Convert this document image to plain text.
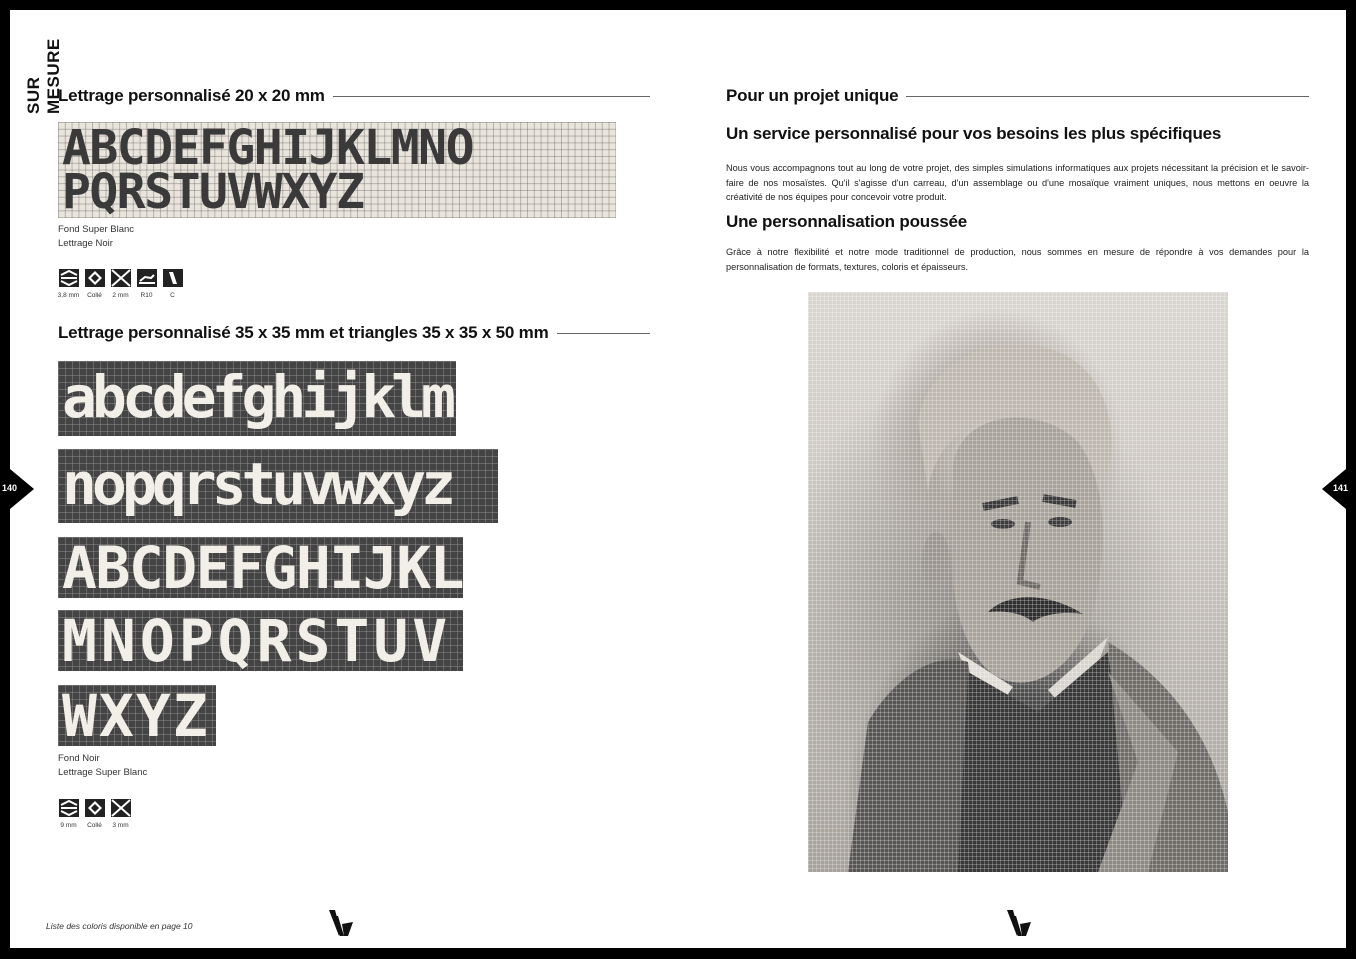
SUR MESURE
Lettrage personnalisé 20 x 20 mm
ABCDEFGHIJKLMNO
PQRSTUVWXYZ
Fond Super Blanc
Lettrage Noir
3,8 mm Collé 2 mm R10	C
Lettrage personnalisé 35 x 35 mm et triangles 35 x 35 x 50 mm
abcdefghijklm
nopqrstuvwxyz
ABCDEFGHIJKL
MNOPQRSTUV
WXYZ
Fond Noir
Lettrage Super Blanc
9 mm Collé 3 mm
140
Liste des coloris disponible en page 10
Pour un projet unique
Un service personnalisé pour vos besoins les plus spécifiques
Nous vous accompagnons tout au long de votre projet, des simples simulations informatiques aux projets nécessitant la précision et le savoir-faire de nos mosaïstes. Qu'il s'agisse d'un carreau, d'un assemblage ou d'une mosaïque vraiment uniques, nous mettons en oeuvre la créativité de nos équipes pour concevoir votre produit.
Une personnalisation poussée
Grâce à notre flexibilité et notre mode traditionnel de production, nous sommes en mesure de répondre à vos demandes pour la personnalisation de formats, textures, coloris et épaisseurs.
141
